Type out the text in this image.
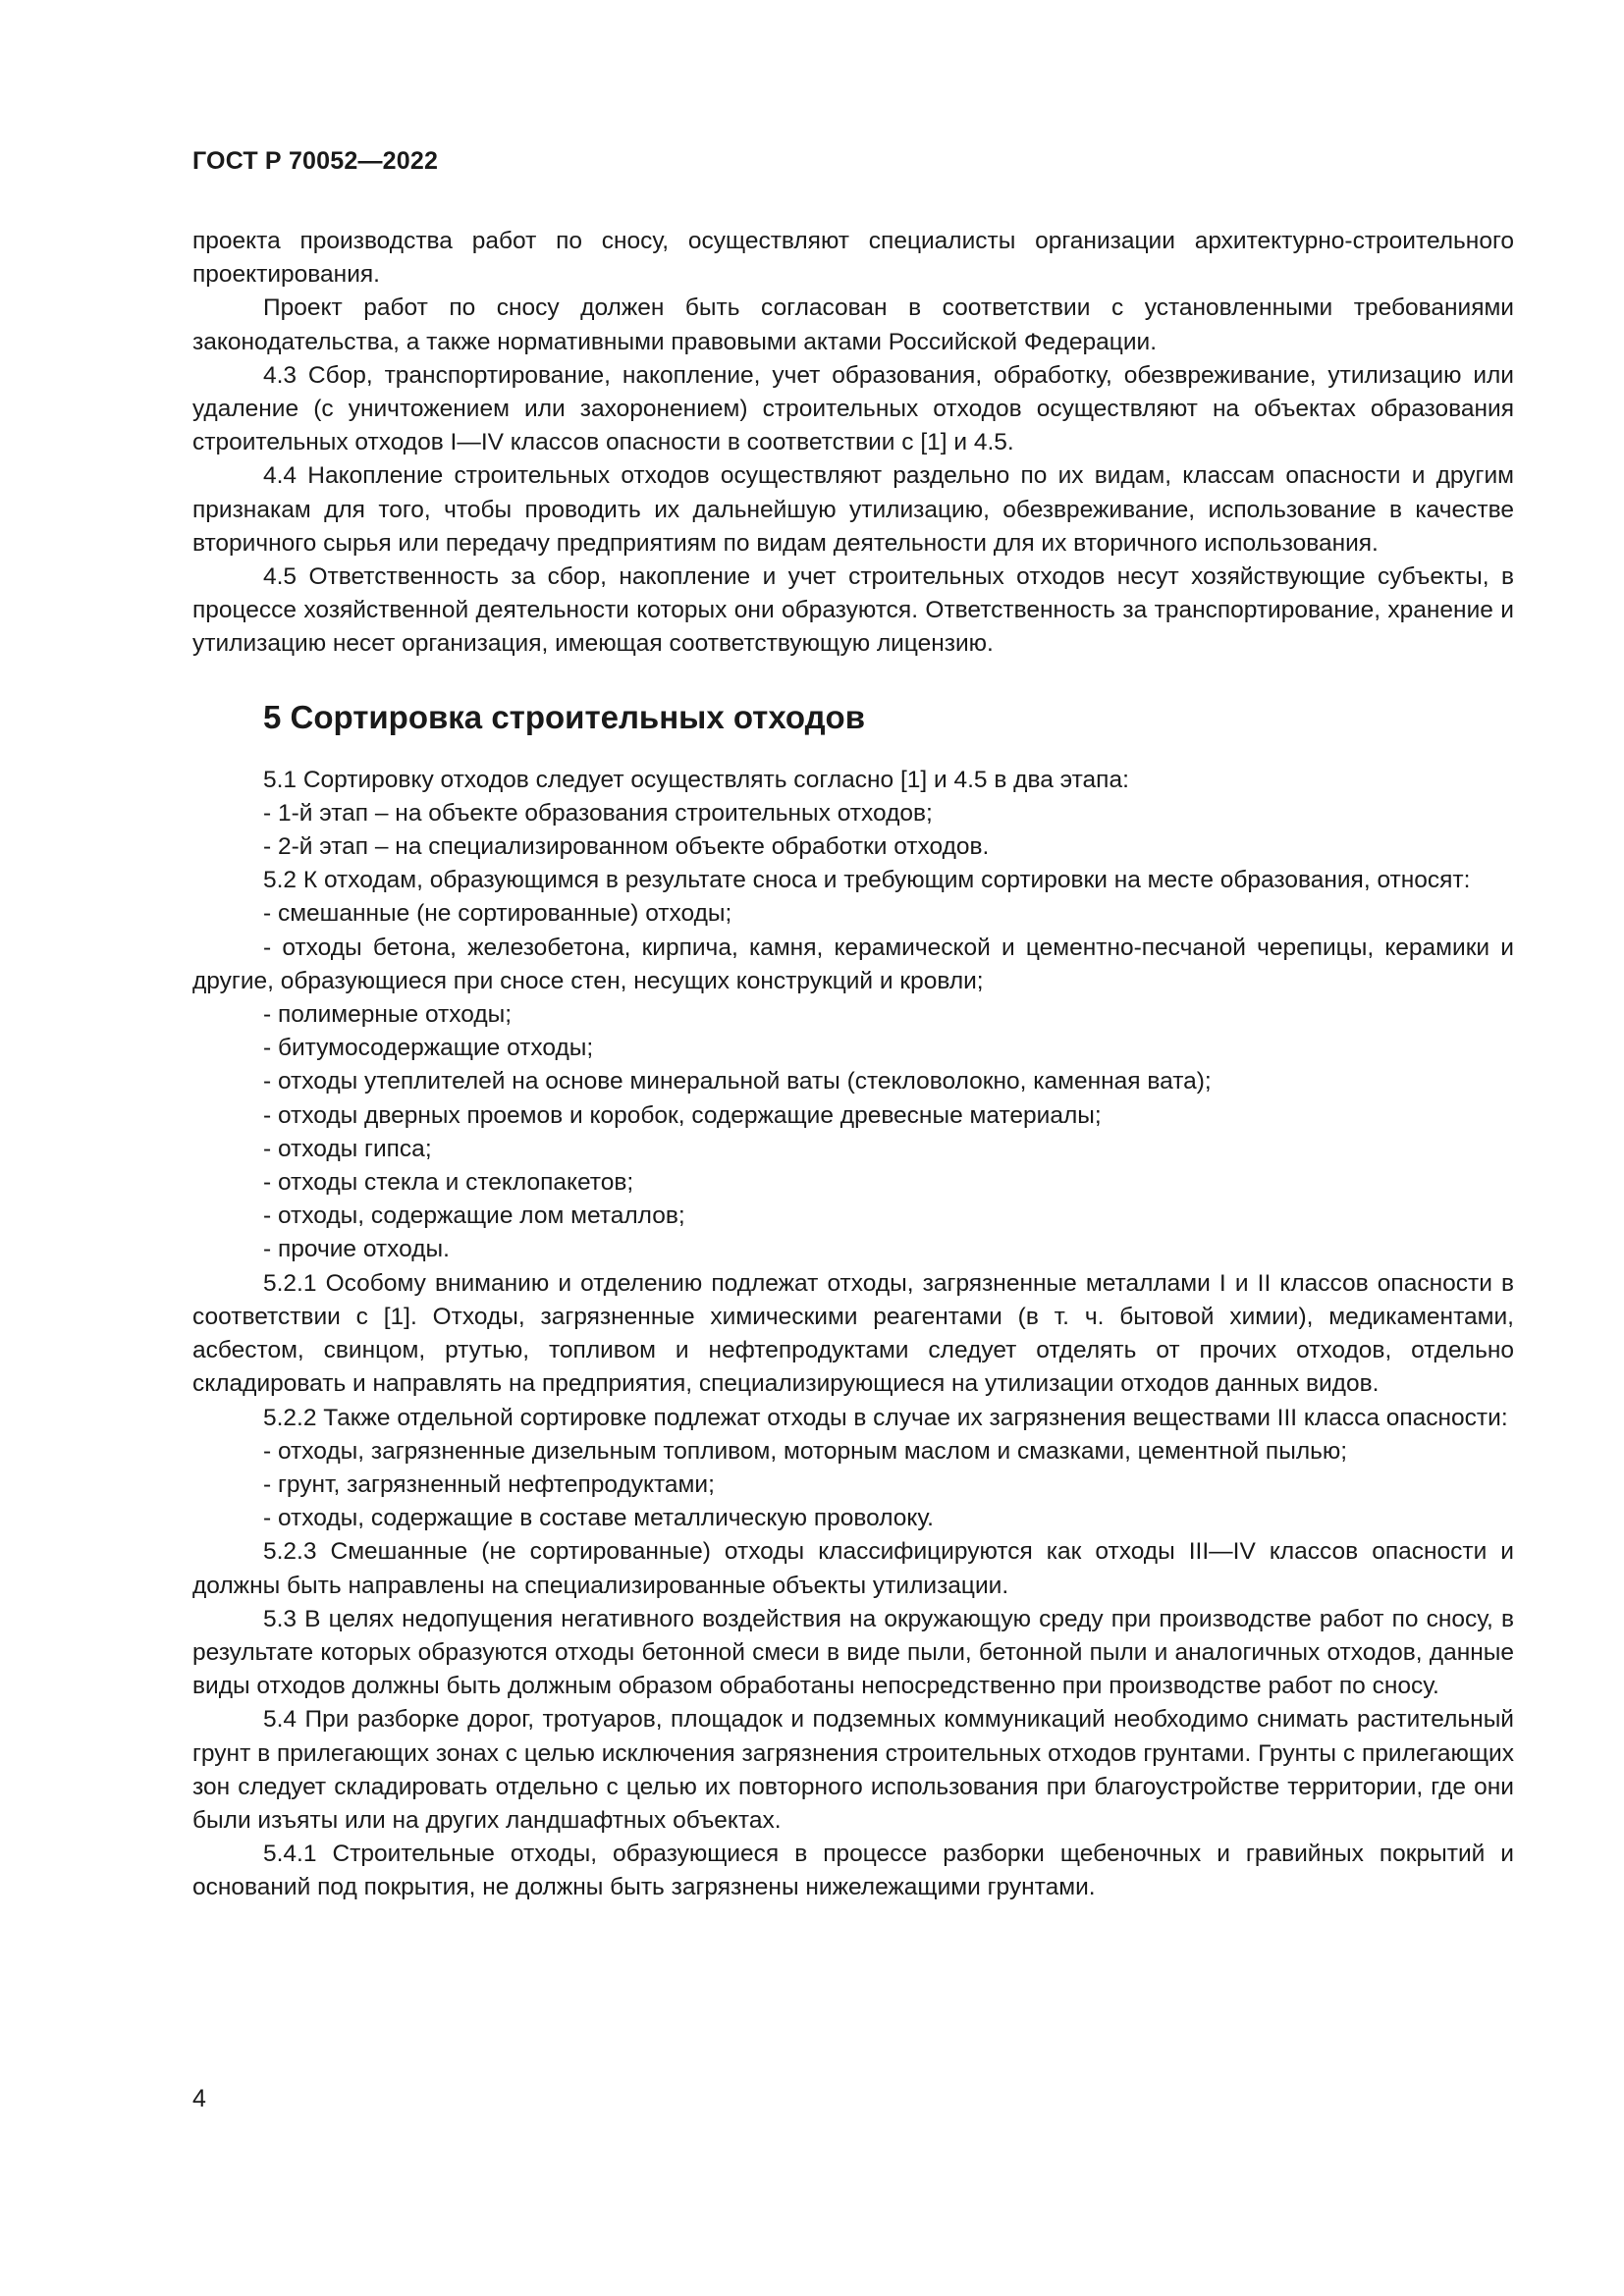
ГОСТ Р 70052—2022

проекта производства работ по сносу, осуществляют специалисты организации архитектурно-строительного проектирования.

Проект работ по сносу должен быть согласован в соответствии с установленными требованиями законодательства, а также нормативными правовыми актами Российской Федерации.

4.3 Сбор, транспортирование, накопление, учет образования, обработку, обезвреживание, утилизацию или удаление (с уничтожением или захоронением) строительных отходов осуществляют на объектах образования строительных отходов I—IV классов опасности в соответствии с [1] и 4.5.

4.4 Накопление строительных отходов осуществляют раздельно по их видам, классам опасности и другим признакам для того, чтобы проводить их дальнейшую утилизацию, обезвреживание, использование в качестве вторичного сырья или передачу предприятиям по видам деятельности для их вторичного использования.

4.5 Ответственность за сбор, накопление и учет строительных отходов несут хозяйствующие субъекты, в процессе хозяйственной деятельности которых они образуются. Ответственность за транспортирование, хранение и утилизацию несет организация, имеющая соответствующую лицензию.

5 Сортировка строительных отходов

5.1 Сортировку отходов следует осуществлять согласно [1] и 4.5 в два этапа:

- 1-й этап – на объекте образования строительных отходов;

- 2-й этап – на специализированном объекте обработки отходов.

5.2 К отходам, образующимся в результате сноса и требующим сортировки на месте образования, относят:

- смешанные (не сортированные) отходы;

- отходы бетона, железобетона, кирпича, камня, керамической и цементно-песчаной черепицы, керамики и другие, образующиеся при сносе стен, несущих конструкций и кровли;

- полимерные отходы;

- битумосодержащие отходы;

- отходы утеплителей на основе минеральной ваты (стекловолокно, каменная вата);

- отходы дверных проемов и коробок, содержащие древесные материалы;

- отходы гипса;

- отходы стекла и стеклопакетов;

- отходы, содержащие лом металлов;

- прочие отходы.

5.2.1 Особому вниманию и отделению подлежат отходы, загрязненные металлами I и II классов опасности в соответствии с [1]. Отходы, загрязненные химическими реагентами (в т. ч. бытовой химии), медикаментами, асбестом, свинцом, ртутью, топливом и нефтепродуктами следует отделять от прочих отходов, отдельно складировать и направлять на предприятия, специализирующиеся на утилизации отходов данных видов.

5.2.2 Также отдельной сортировке подлежат отходы в случае их загрязнения веществами III класса опасности:

- отходы, загрязненные дизельным топливом, моторным маслом и смазками, цементной пылью;

- грунт, загрязненный нефтепродуктами;

- отходы, содержащие в составе металлическую проволоку.

5.2.3 Смешанные (не сортированные) отходы классифицируются как отходы III—IV классов опасности и должны быть направлены на специализированные объекты утилизации.

5.3 В целях недопущения негативного воздействия на окружающую среду при производстве работ по сносу, в результате которых образуются отходы бетонной смеси в виде пыли, бетонной пыли и аналогичных отходов, данные виды отходов должны быть должным образом обработаны непосредственно при производстве работ по сносу.

5.4 При разборке дорог, тротуаров, площадок и подземных коммуникаций необходимо снимать растительный грунт в прилегающих зонах с целью исключения загрязнения строительных отходов грунтами. Грунты с прилегающих зон следует складировать отдельно с целью их повторного использования при благоустройстве территории, где они были изъяты или на других ландшафтных объектах.

5.4.1 Строительные отходы, образующиеся в процессе разборки щебеночных и гравийных покрытий и оснований под покрытия, не должны быть загрязнены нижележащими грунтами.

4
